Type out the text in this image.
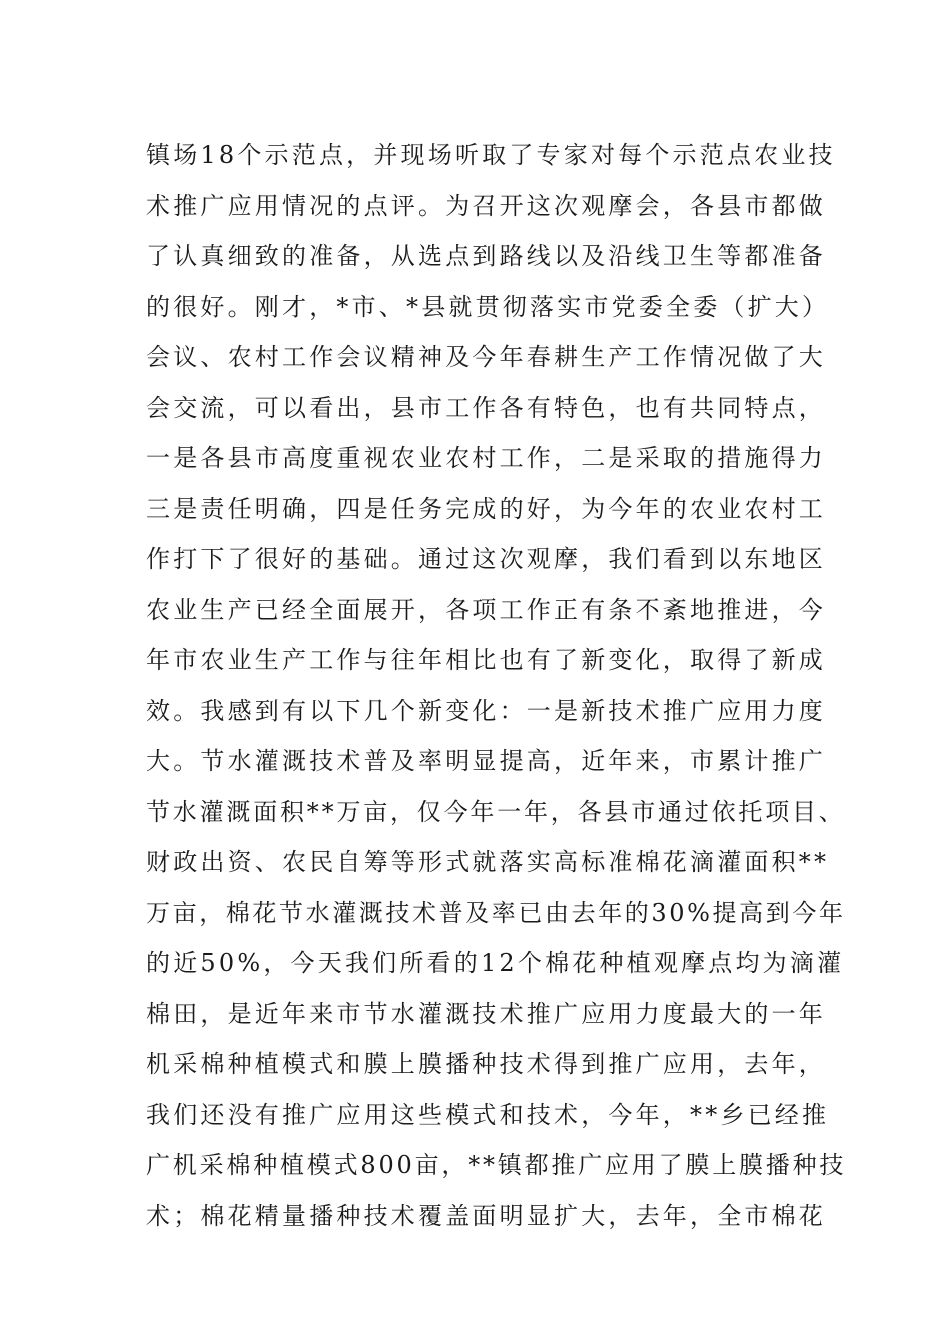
镇场18个示范点，并现场听取了专家对每个示范点农业技
术推广应用情况的点评。为召开这次观摩会，各县市都做
了认真细致的准备，从选点到路线以及沿线卫生等都准备
的很好。刚才，*市、*县就贯彻落实市党委全委（扩大）
会议、农村工作会议精神及今年春耕生产工作情况做了大
会交流，可以看出，县市工作各有特色，也有共同特点，
一是各县市高度重视农业农村工作，二是采取的措施得力
三是责任明确，四是任务完成的好，为今年的农业农村工
作打下了很好的基础。通过这次观摩，我们看到以东地区
农业生产已经全面展开，各项工作正有条不紊地推进，今
年市农业生产工作与往年相比也有了新变化，取得了新成
效。我感到有以下几个新变化：一是新技术推广应用力度
大。节水灌溉技术普及率明显提高，近年来，市累计推广
节水灌溉面积**万亩，仅今年一年，各县市通过依托项目、
财政出资、农民自筹等形式就落实高标准棉花滴灌面积**
万亩，棉花节水灌溉技术普及率已由去年的30%提高到今年
的近50%，今天我们所看的12个棉花种植观摩点均为滴灌
棉田，是近年来市节水灌溉技术推广应用力度最大的一年
机采棉种植模式和膜上膜播种技术得到推广应用，去年，
我们还没有推广应用这些模式和技术，今年，**乡已经推
广机采棉种植模式800亩，**镇都推广应用了膜上膜播种技
术；棉花精量播种技术覆盖面明显扩大，去年，全市棉花
